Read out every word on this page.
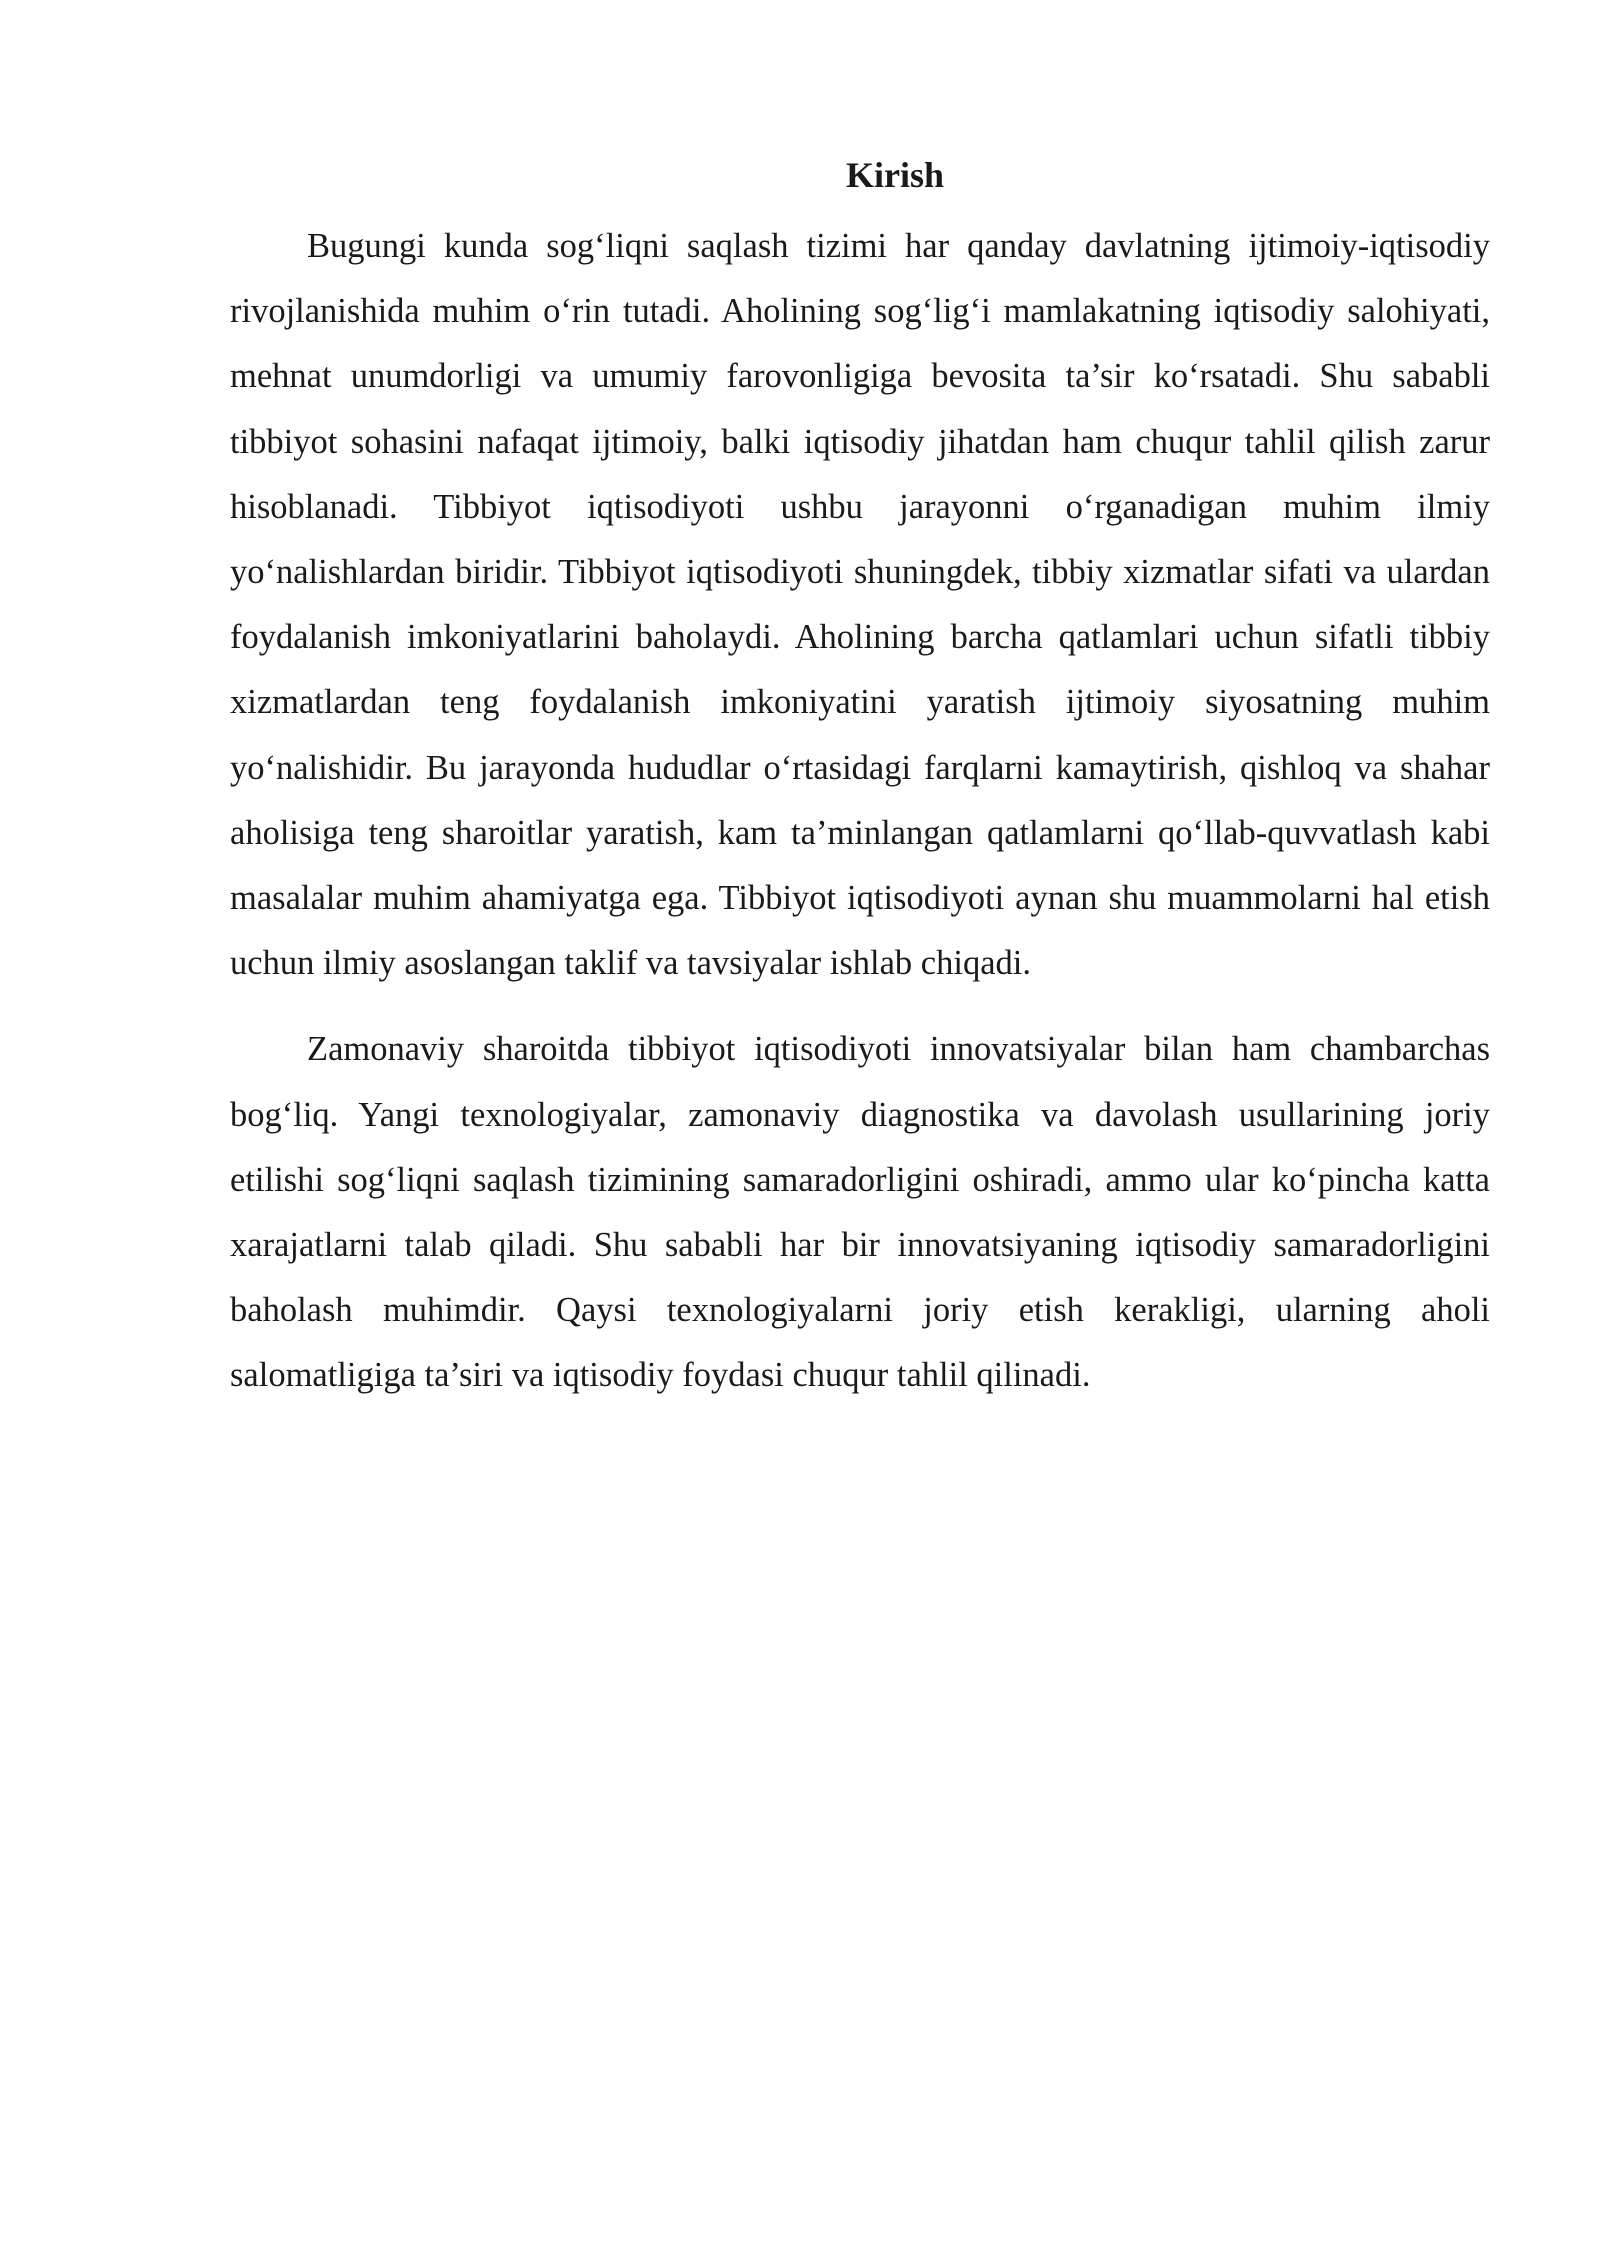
Kirish

Bugungi kunda sog‘liqni saqlash tizimi har qanday davlatning ijtimoiy-iqtisodiy rivojlanishida muhim o‘rin tutadi. Aholining sog‘lig‘i mamlakatning iqtisodiy salohiyati, mehnat unumdorligi va umumiy farovonligiga bevosita ta’sir ko‘rsatadi. Shu sababli tibbiyot sohasini nafaqat ijtimoiy, balki iqtisodiy jihatdan ham chuqur tahlil qilish zarur hisoblanadi. Tibbiyot iqtisodiyoti ushbu jarayonni o‘rganadigan muhim ilmiy yo‘nalishlardan biridir. Tibbiyot iqtisodiyoti shuningdek, tibbiy xizmatlar sifati va ulardan foydalanish imkoniyatlarini baholaydi. Aholining barcha qatlamlari uchun sifatli tibbiy xizmatlardan teng foydalanish imkoniyatini yaratish ijtimoiy siyosatning muhim yo‘nalishidir. Bu jarayonda hududlar o‘rtasidagi farqlarni kamaytirish, qishloq va shahar aholisiga teng sharoitlar yaratish, kam ta’minlangan qatlamlarni qo‘llab-quvvatlash kabi masalalar muhim ahamiyatga ega. Tibbiyot iqtisodiyoti aynan shu muammolarni hal etish uchun ilmiy asoslangan taklif va tavsiyalar ishlab chiqadi.

Zamonaviy sharoitda tibbiyot iqtisodiyoti innovatsiyalar bilan ham chambarchas bog‘liq. Yangi texnologiyalar, zamonaviy diagnostika va davolash usullarining joriy etilishi sog‘liqni saqlash tizimining samaradorligini oshiradi, ammo ular ko‘pincha katta xarajatlarni talab qiladi. Shu sababli har bir innovatsiyaning iqtisodiy samaradorligini baholash muhimdir. Qaysi texnologiyalarni joriy etish kerakligi, ularning aholi salomatligiga ta’siri va iqtisodiy foydasi chuqur tahlil qilinadi.
